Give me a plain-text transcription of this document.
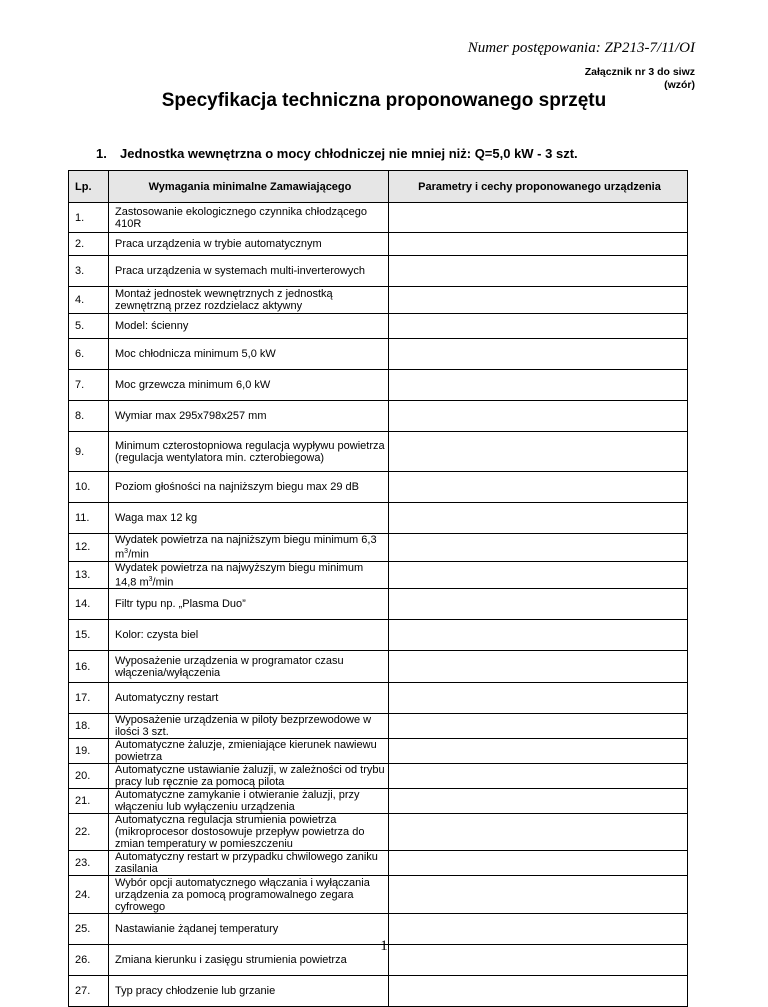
Numer postępowania: ZP213-7/11/OI
Załącznik nr 3 do siwz
(wzór)
Specyfikacja techniczna proponowanego sprzętu
1. Jednostka wewnętrzna o mocy chłodniczej nie mniej niż: Q=5,0 kW - 3 szt.
Lp.	Wymagania minimalne Zamawiającego	Parametry i cechy proponowanego urządzenia
1.	Zastosowanie ekologicznego czynnika chłodzącego 410R	
2.	Praca urządzenia w trybie automatycznym	
3.	Praca urządzenia w systemach multi-inverterowych	
4.	Montaż jednostek wewnętrznych z jednostką zewnętrzną przez rozdzielacz aktywny	
5.	Model: ścienny	
6.	Moc chłodnicza minimum 5,0 kW	
7.	Moc grzewcza minimum 6,0 kW	
8.	Wymiar max 295x798x257 mm	
9.	Minimum czterostopniowa regulacja wypływu powietrza (regulacja wentylatora min. czterobiegowa)	
10.	Poziom głośności na najniższym biegu max 29 dB	
11.	Waga max 12 kg	
12.	Wydatek powietrza na najniższym biegu minimum 6,3 $m^3/\min$	
13.	Wydatek powietrza na najwyższym biegu minimum 14,8 $m^3/\min$	
14.	Filtr typu np. „Plasma Duo”	
15.	Kolor: czysta biel	
16.	Wyposażenie urządzenia w programator czasu włączenia/wyłączenia	
17.	Automatyczny restart	
18.	Wyposażenie urządzenia w piloty bezprzewodowe w ilości 3 szt.	
19.	Automatyczne żaluzje, zmieniające kierunek nawiewu powietrza	
20.	Automatyczne ustawianie żaluzji, w zależności od trybu pracy lub ręcznie za pomocą pilota	
21.	Automatyczne zamykanie i otwieranie żaluzji, przy włączeniu lub wyłączeniu urządzenia	
22.	Automatyczna regulacja strumienia powietrza (mikroprocesor dostosowuje przepływ powietrza do zmian temperatury w pomieszczeniu	
23.	Automatyczny restart w przypadku chwilowego zaniku zasilania	
24.	Wybór opcji automatycznego włączania i wyłączania urządzenia za pomocą programowalnego zegara cyfrowego	
25.	Nastawianie żądanej temperatury	
26.	Zmiana kierunku i zasięgu strumienia powietrza	
27.	Typ pracy chłodzenie lub grzanie	
1
